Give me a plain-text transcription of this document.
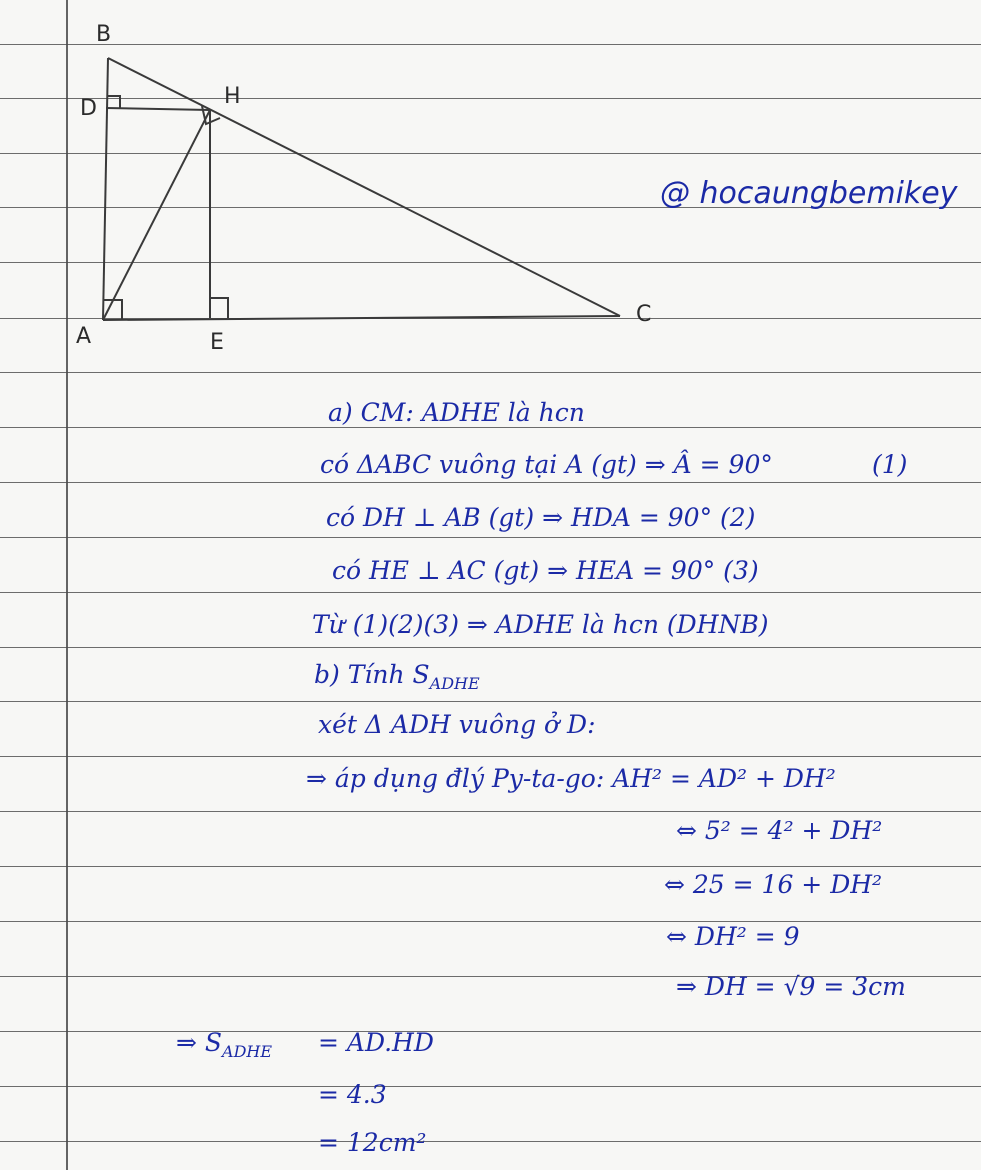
B
D	H
A	E
C
@ hocaungbemikey
a) CM: ADHE là hcn
có ΔABC vuông tại A (gt) ⇒ Â = 90°	(1)
có DH ⊥ AB (gt) ⇒ HDA = 90° (2)
có HE ⊥ AC (gt) ⇒ HEA = 90° (3)
Từ (1)(2)(3) ⇒ ADHE là hcn (DHNB)
b) Tính $S_{ADHE}$
xét Δ ADH vuông ở D:
⇒ áp dụng đlý Py-ta-go: AH² = AD² + DH²
⇔ 5² = 4² + DH²
⇔ 25 = 16 + DH²
⇔ DH² = 9
⇒ DH = √9 = 3cm
⇒ $S_{ADHE} = AD.HD$
= 4.3
= 12cm²
